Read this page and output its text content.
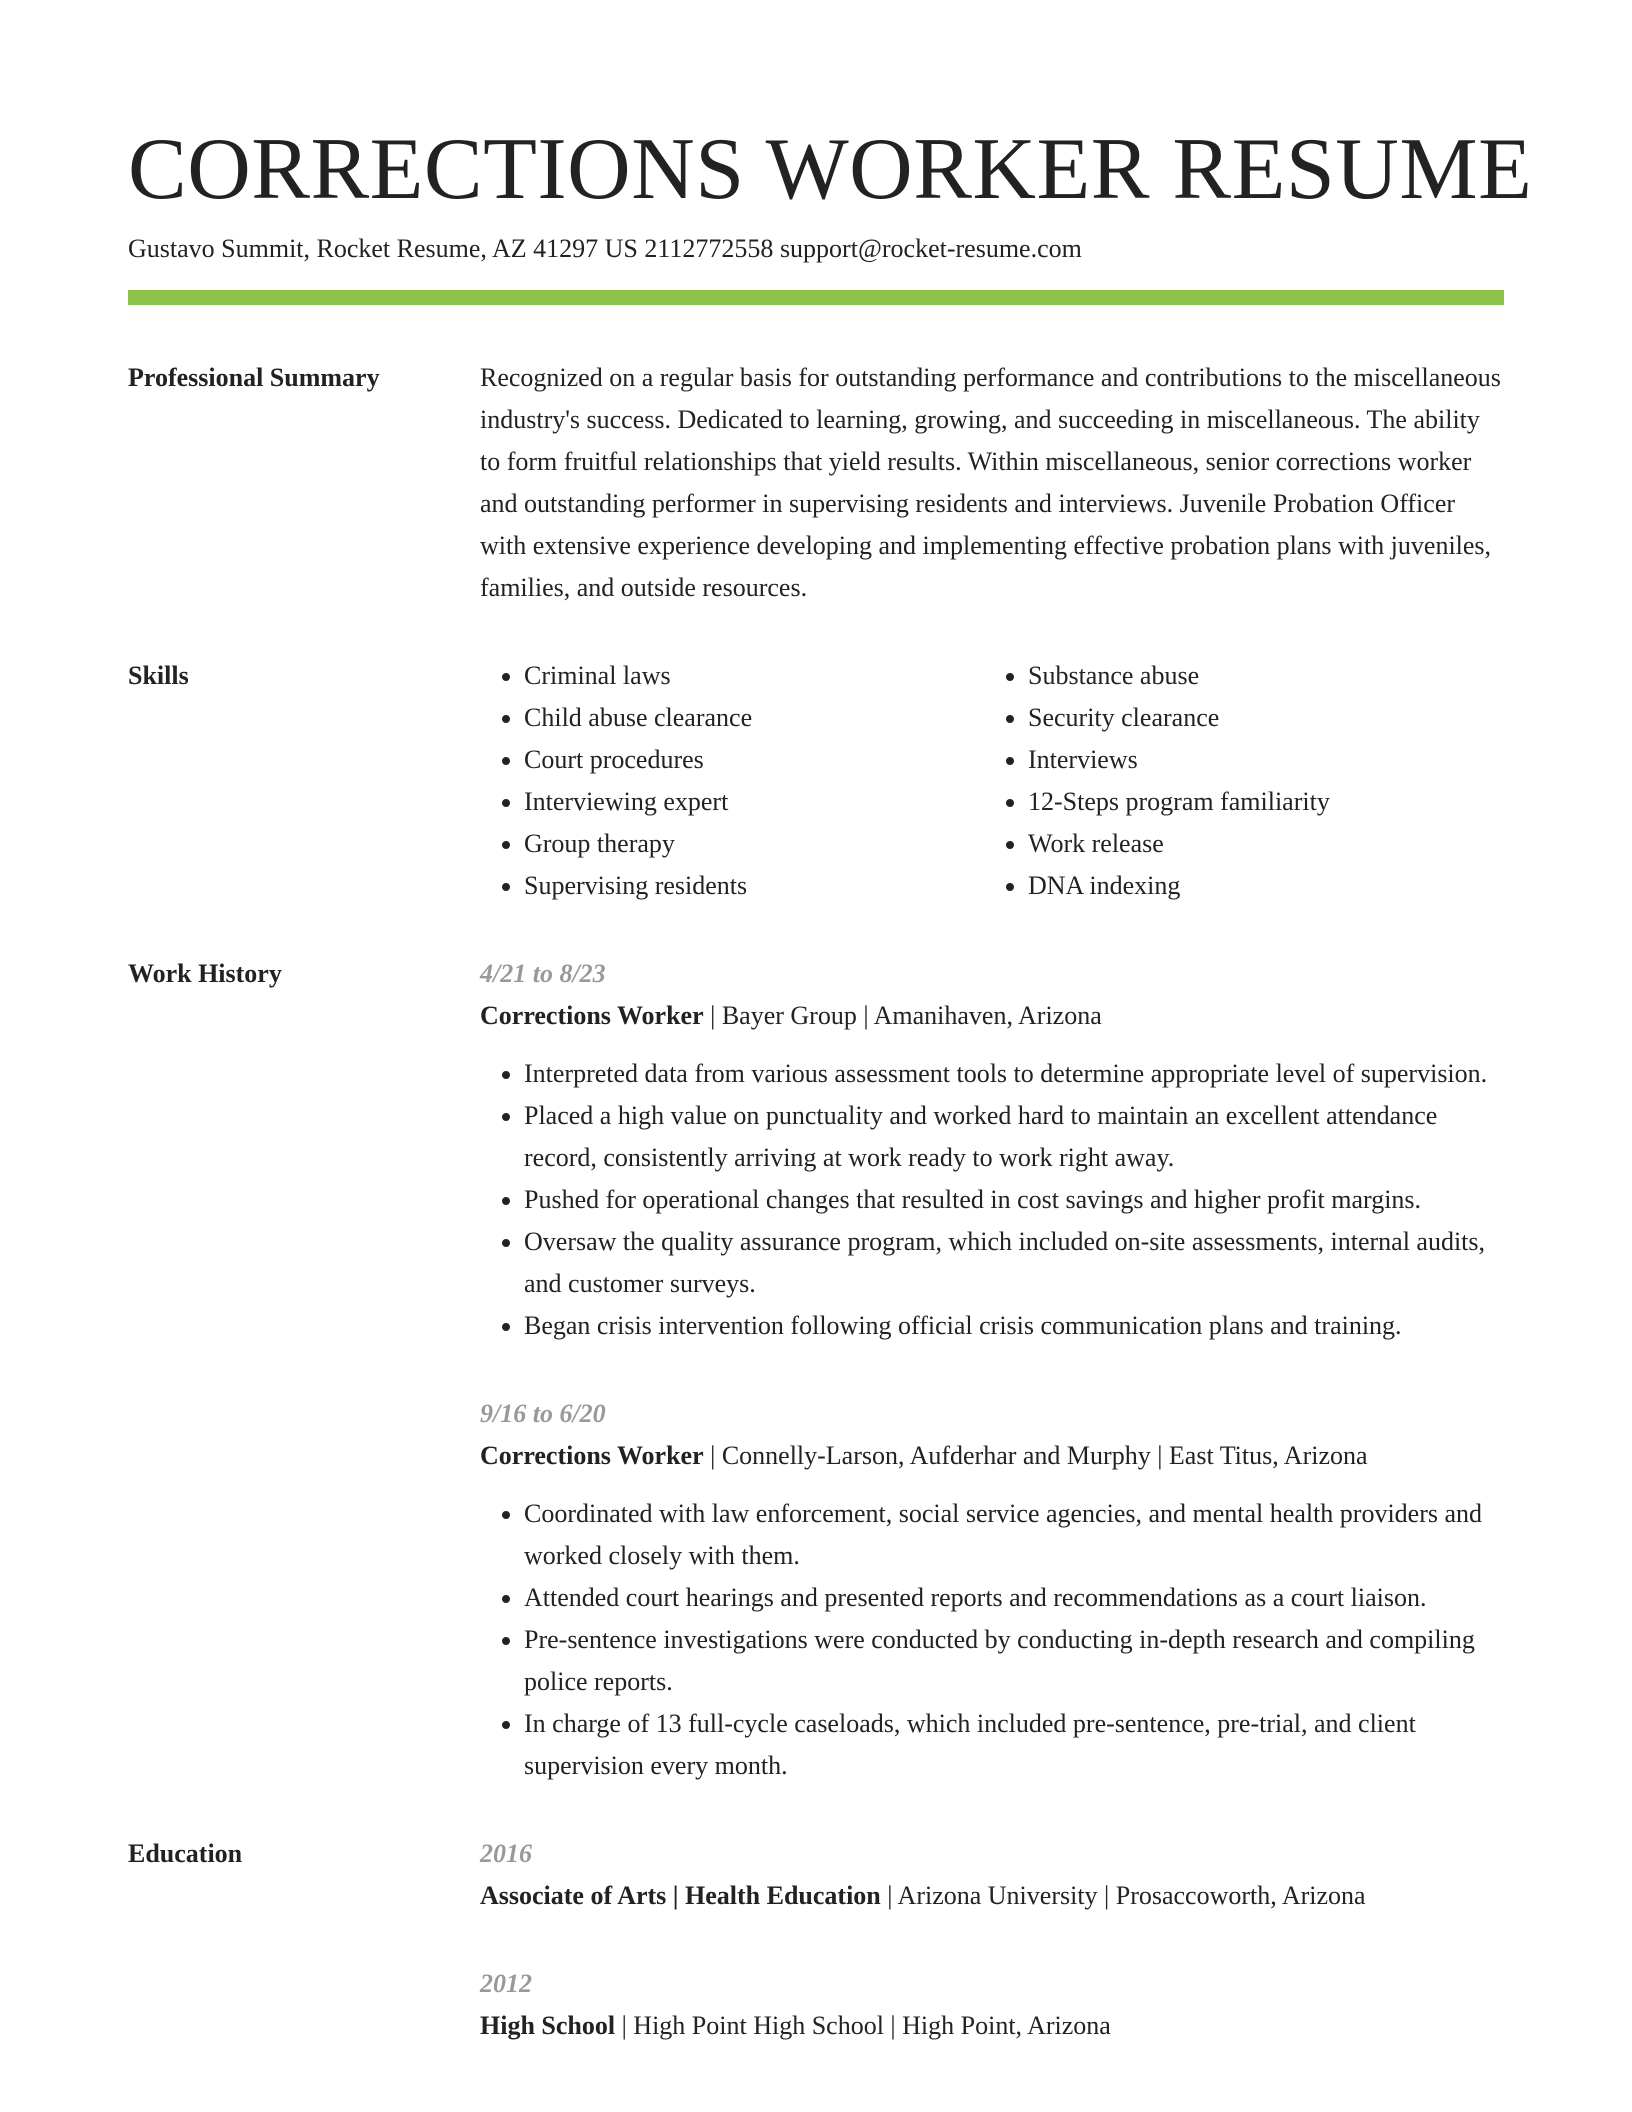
CORRECTIONS WORKER RESUME
Gustavo Summit, Rocket Resume, AZ 41297 US 2112772558 support@rocket-resume.com
Professional Summary	Recognized on a regular basis for outstanding performance and contributions to the miscellaneous industry's success. Dedicated to learning, growing, and succeeding in miscellaneous. The ability to form fruitful relationships that yield results. Within miscellaneous, senior corrections worker and outstanding performer in supervising residents and interviews. Juvenile Probation Officer with extensive experience developing and implementing effective probation plans with juveniles, families, and outside resources.

Skills
•	Criminal laws
• Child abuse clearance
• Court procedures
• Interviewing expert
• Group therapy
• Supervising residents
• Substance abuse
• Security clearance
• Interviews
• 12-Steps program familiarity
• Work release
• DNA indexing
Work History	4/21 to 8/23
Corrections Worker | Bayer Group | Amanihaven, Arizona
• Interpreted data from various assessment tools to determine appropriate level of supervision.
• Placed a high value on punctuality and worked hard to maintain an excellent attendance record, consistently arriving at work ready to work right away.
• Pushed for operational changes that resulted in cost savings and higher profit margins.
• Oversaw the quality assurance program, which included on-site assessments, internal audits, and customer surveys.
• Began crisis intervention following official crisis communication plans and training.
9/16 to 6/20
Corrections Worker | Connelly-Larson, Aufderhar and Murphy | East Titus, Arizona
• Coordinated with law enforcement, social service agencies, and mental health providers and worked closely with them.
• Attended court hearings and presented reports and recommendations as a court liaison.
• Pre-sentence investigations were conducted by conducting in-depth research and compiling police reports.
• In charge of 13 full-cycle caseloads, which included pre-sentence, pre-trial, and client supervision every month.
Education	2016
Associate of Arts | Health Education | Arizona University | Prosaccoworth, Arizona
2012
High School | High Point High School | High Point, Arizona
